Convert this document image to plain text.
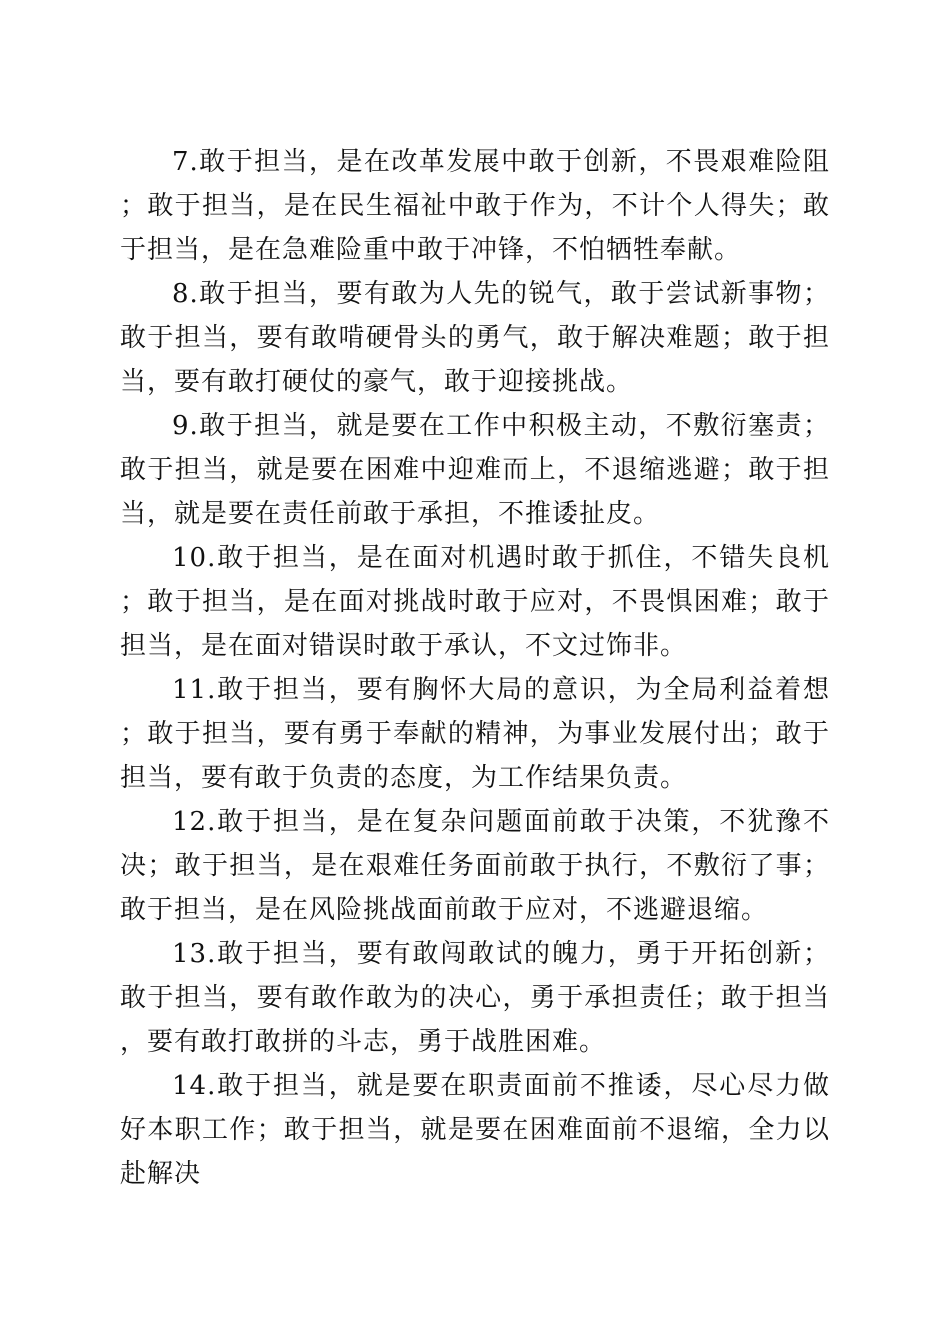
7.敢于担当，是在改革发展中敢于创新，不畏艰难险阻；敢于担当，是在民生福祉中敢于作为，不计个人得失；敢于担当，是在急难险重中敢于冲锋，不怕牺牲奉献。

8.敢于担当，要有敢为人先的锐气，敢于尝试新事物；敢于担当，要有敢啃硬骨头的勇气，敢于解决难题；敢于担当，要有敢打硬仗的豪气，敢于迎接挑战。

9.敢于担当，就是要在工作中积极主动，不敷衍塞责；敢于担当，就是要在困难中迎难而上，不退缩逃避；敢于担当，就是要在责任前敢于承担，不推诿扯皮。

10.敢于担当，是在面对机遇时敢于抓住，不错失良机；敢于担当，是在面对挑战时敢于应对，不畏惧困难；敢于担当，是在面对错误时敢于承认，不文过饰非。

11.敢于担当，要有胸怀大局的意识，为全局利益着想；敢于担当，要有勇于奉献的精神，为事业发展付出；敢于担当，要有敢于负责的态度，为工作结果负责。

12.敢于担当，是在复杂问题面前敢于决策，不犹豫不决；敢于担当，是在艰难任务面前敢于执行，不敷衍了事；敢于担当，是在风险挑战面前敢于应对，不逃避退缩。

13.敢于担当，要有敢闯敢试的魄力，勇于开拓创新；敢于担当，要有敢作敢为的决心，勇于承担责任；敢于担当，要有敢打敢拼的斗志，勇于战胜困难。

14.敢于担当，就是要在职责面前不推诿，尽心尽力做好本职工作；敢于担当，就是要在困难面前不退缩，全力以赴解决
